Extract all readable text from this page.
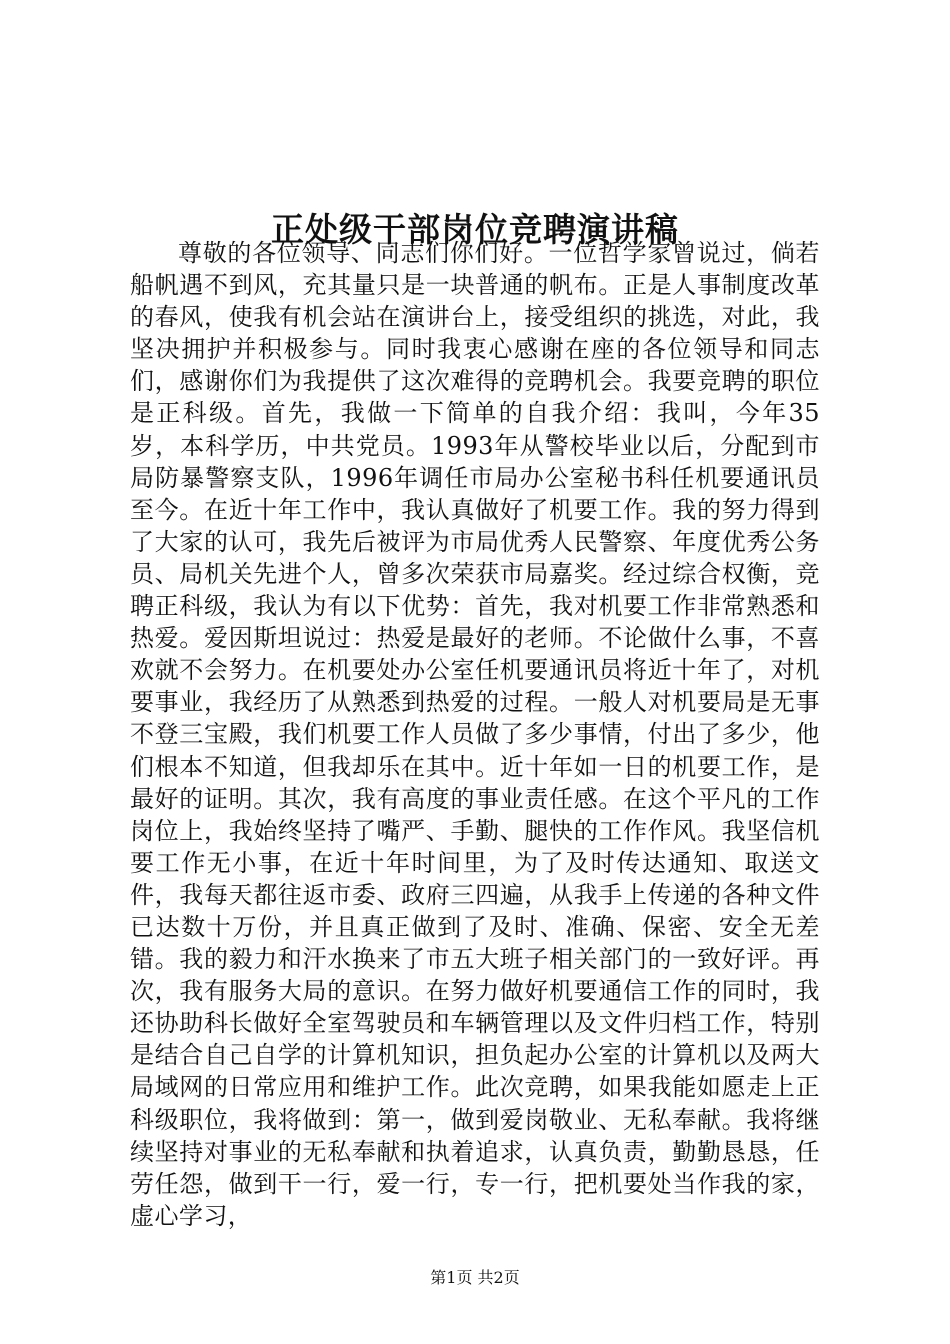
正处级干部岗位竞聘演讲稿

尊敬的各位领导、同志们你们好。一位哲学家曾说过，倘若船帆遇不到风，充其量只是一块普通的帆布。正是人事制度改革的春风，使我有机会站在演讲台上，接受组织的挑选，对此，我坚决拥护并积极参与。同时我衷心感谢在座的各位领导和同志们，感谢你们为我提供了这次难得的竞聘机会。我要竞聘的职位是正科级。首先，我做一下简单的自我介绍：我叫，今年35岁，本科学历，中共党员。1993年从警校毕业以后，分配到市局防暴警察支队，1996年调任市局办公室秘书科任机要通讯员至今。在近十年工作中，我认真做好了机要工作。我的努力得到了大家的认可，我先后被评为市局优秀人民警察、年度优秀公务员、局机关先进个人，曾多次荣获市局嘉奖。经过综合权衡，竞聘正科级，我认为有以下优势：首先，我对机要工作非常熟悉和热爱。爱因斯坦说过：热爱是最好的老师。不论做什么事，不喜欢就不会努力。在机要处办公室任机要通讯员将近十年了，对机要事业，我经历了从熟悉到热爱的过程。一般人对机要局是无事不登三宝殿，我们机要工作人员做了多少事情，付出了多少，他们根本不知道，但我却乐在其中。近十年如一日的机要工作，是最好的证明。其次，我有高度的事业责任感。在这个平凡的工作岗位上，我始终坚持了嘴严、手勤、腿快的工作作风。我坚信机要工作无小事，在近十年时间里，为了及时传达通知、取送文件，我每天都往返市委、政府三四遍，从我手上传递的各种文件已达数十万份，并且真正做到了及时、准确、保密、安全无差错。我的毅力和汗水换来了市五大班子相关部门的一致好评。再次，我有服务大局的意识。在努力做好机要通信工作的同时，我还协助科长做好全室驾驶员和车辆管理以及文件归档工作，特别是结合自己自学的计算机知识，担负起办公室的计算机以及两大局域网的日常应用和维护工作。此次竞聘，如果我能如愿走上正科级职位，我将做到：第一，做到爱岗敬业、无私奉献。我将继续坚持对事业的无私奉献和执着追求，认真负责，勤勤恳恳，任劳任怨，做到干一行，爱一行，专一行，把机要处当作我的家，虚心学习，

第1页 共2页
